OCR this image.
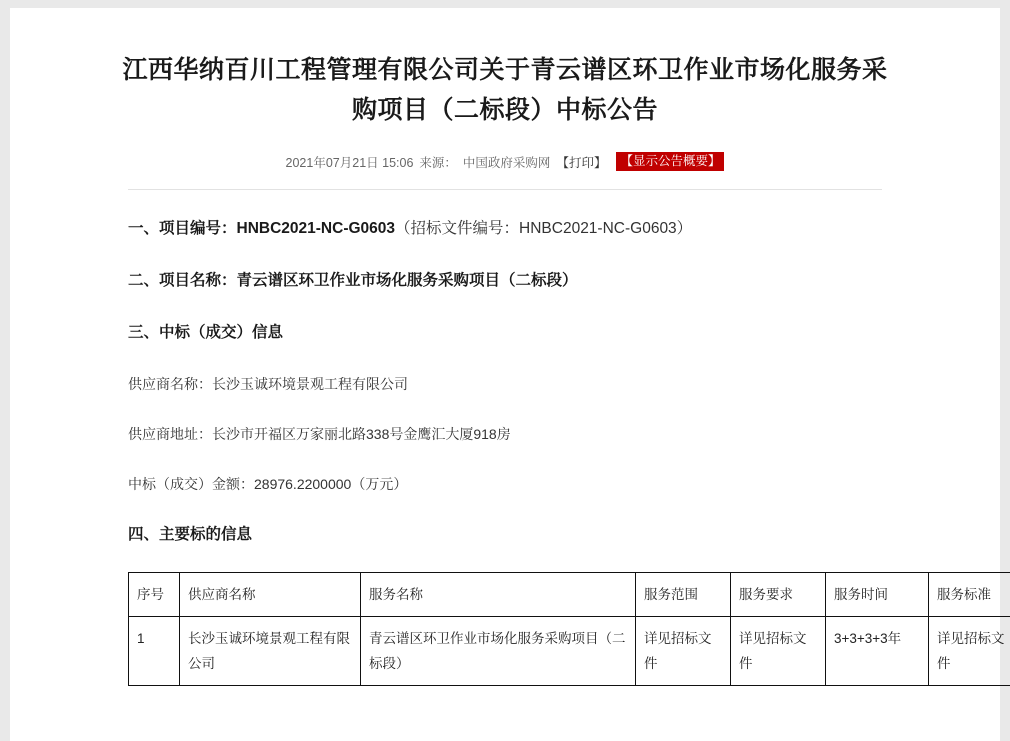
江西华纳百川工程管理有限公司关于青云谱区环卫作业市场化服务采购项目（二标段）中标公告
2021年07月21日 15:06 来源： 中国政府采购网 【打印】	【显示公告概要】
一、项目编号：HNBC2021-NC-G0603（招标文件编号：HNBC2021-NC-G0603）
二、项目名称：青云谱区环卫作业市场化服务采购项目（二标段）
三、中标（成交）信息
供应商名称：长沙玉诚环境景观工程有限公司
供应商地址：长沙市开福区万家丽北路338号金鹰汇大厦918房
中标（成交）金额：28976.2200000（万元）
四、主要标的信息
序号	供应商名称	服务名称	服务范围	服务要求	服务时间	服务标准
1	长沙玉诚环境景观工程有限公司	青云谱区环卫作业市场化服务采购项目（二标段）	详见招标文件	详见招标文件	3+3+3+3年	详见招标文件
